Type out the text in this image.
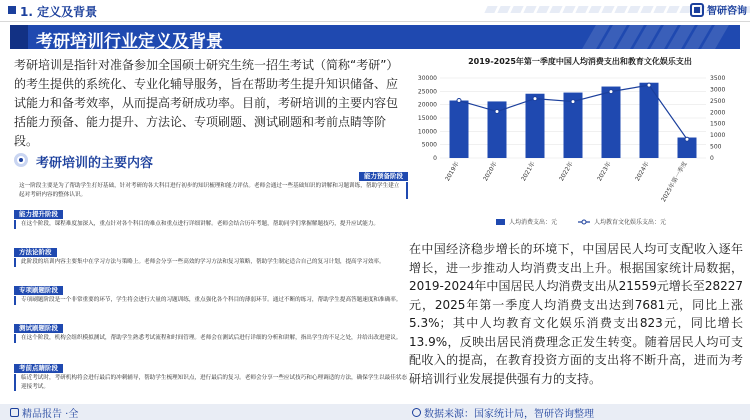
1. 定义及背景	智研咨询
考研培训行业定义及背景

考研培训是指针对准备参加全国硕士研究生统一招生考试（简称“考研”）的考生提供的系统化、专业化辅导服务，旨在帮助考生提升知识储备、应试能力和备考效率，从而提高考研成功率。目前，考研培训的主要内容包括能力预备、能力提升、方法论、专项刷题、测试刷题和考前点睛等阶段。

考研培训的主要内容
能力预备阶段

这一阶段主要是为了帮助学生打好基础，针对考研的各大科目进行初步的知识梳理和能力评估。老师会通过一些基础知识的讲解和习题训练，帮助学生建立起对考研内容的整体认识。

能力提升阶段

在这个阶段，课程难度加深入，重点针对各个科目的难点和重点进行详细讲解。老师会结合历年考题，帮助同学们掌握解题技巧，提升应试能力。

方法论阶段

此阶段的培训内容主要集中在学习方法与策略上。老师会分享一些高效的学习方法和复习策略，帮助学生制定适合自己的复习计划，提高学习效率。

专项刷题阶段

专项刷题阶段是一个非常重要的环节，学生将会进行大量的习题训练，重点强化各个科目的薄弱环节。通过不断的练习，帮助学生提高答题速度和准确率。

测试刷题阶段

在这个阶段，机构会组织模拟测试，帮助学生熟悉考试流程和时间管理。老师会在测试后进行详细的分析和讲解，指出学生的不足之处，并给出改进建议。

考前点睛阶段

临近考试时，考研机构将会进行最后的冲刺辅导，帮助学生梳理知识点，进行最后的复习。老师会分享一些应试技巧和心理调适的方法，确保学生以最佳状态迎接考试。

2019-2025年第一季度中国人均消费支出和教育文化娱乐支出
0
5000
10000
15000
20000
25000
30000
0
500
1000
1500
2000
2500
3000
3500
2019年	2020年	2021年	2022年	2023年	2024年 2025年第一季度
人均消费支出：元	人均教育文化娱乐支出：元

在中国经济稳步增长的环境下，中国居民人均可支配收入逐年增长，进一步推动人均消费支出上升。根据国家统计局数据，2019-2024年中国居民人均消费支出从21559元增长至28227元，2025年第一季度人均消费支出达到7681元，同比上涨5.3%；其中人均教育文化娱乐消费支出823元，同比增长13.9%，反映出居民消费理念正发生转变。随着居民人均可支配收入的提高，在教育投资方面的支出将不断升高，进而为考研培训行业发展提供强有力的支持。

精品报告 ·全	数据来源：国家统计局，智研咨询整理
